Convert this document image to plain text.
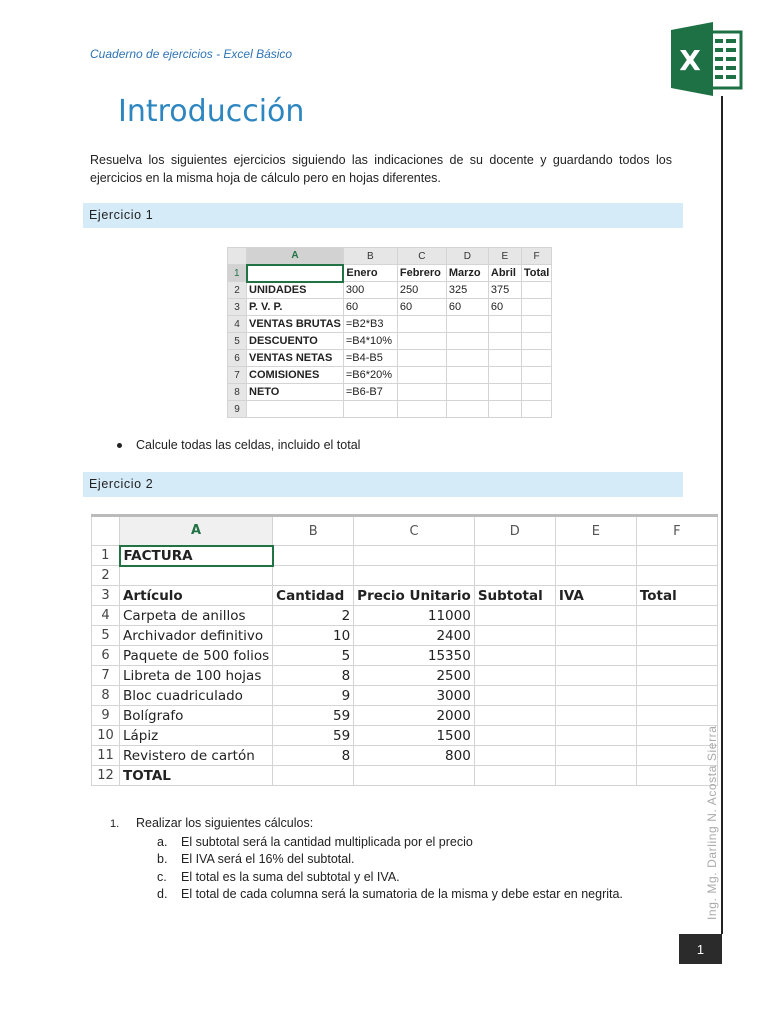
Cuaderno de ejercicios - Excel Básico	X
Introducción
Resuelva los siguientes ejercicios siguiendo las indicaciones de su docente y guardando todos los ejercicios en la misma hoja de cálculo pero en hojas diferentes.
Ejercicio 1
	A	B	C	D	E	F
1		Enero	Febrero	Marzo	Abril	Total
2	UNIDADES	300	250	325	375	
3	P. V. P.	60	60	60	60	
4	VENTAS BRUTAS	=B2*B3				
5	DESCUENTO	=B4*10%				
6	VENTAS NETAS	=B4-B5				
7	COMISIONES	=B6*20%				
8	NETO	=B6-B7				
9						
Calcule todas las celdas, incluido el total
Ejercicio 2
	A	B	C	D	E	F
1	FACTURA					
2						
3	Artículo	Cantidad	Precio Unitario	Subtotal	IVA	Total
4	Carpeta de anillos	2	11000			
5	Archivador definitivo	10	2400			
6	Paquete de 500 folios	5	15350			
7	Libreta de 100 hojas	8	2500			
8	Bloc cuadriculado	9	3000			
9	Bolígrafo	59	2000			
10	Lápiz	59	1500			
11	Revistero de cartón	8	800			
12	TOTAL					
1. Realizar los siguientes cálculos:
a. El subtotal será la cantidad multiplicada por el precio
b. El IVA será el 16% del subtotal.
c. El total es la suma del subtotal y el IVA.
d. El total de cada columna será la sumatoria de la misma y debe estar en negrita.	Ing. Mg. Darling N. Acosta Sierra
1
